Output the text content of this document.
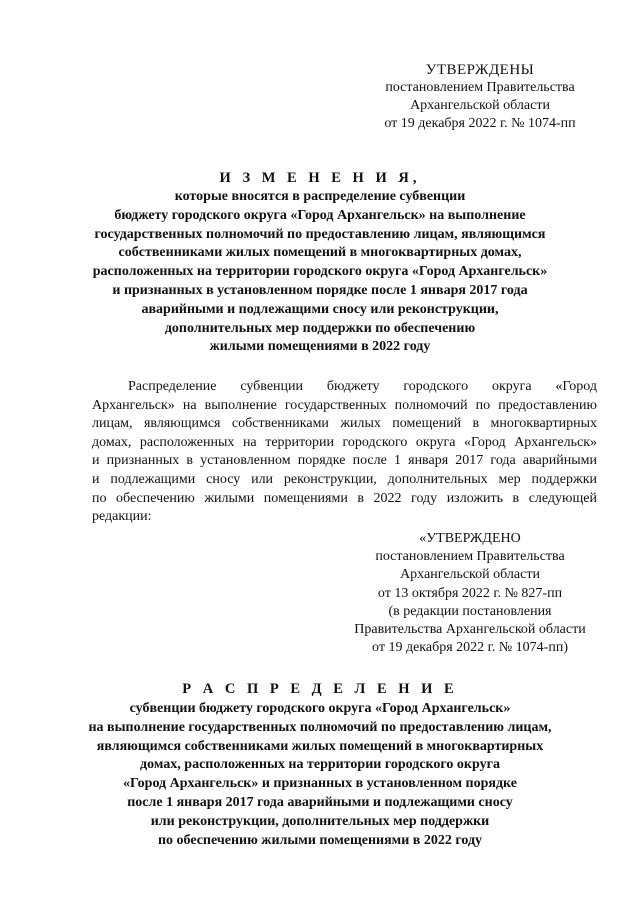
УТВЕРЖДЕНЫ
постановлением Правительства
Архангельской области
от 19 декабря 2022 г. № 1074-пп
И З М Е Н Е Н И Я,
которые вносятся в распределение субвенции
бюджету городского округа «Город Архангельск» на выполнение
государственных полномочий по предоставлению лицам, являющимся
собственниками жилых помещений в многоквартирных домах,
расположенных на территории городского округа «Город Архангельск»
и признанных в установленном порядке после 1 января 2017 года
аварийными и подлежащими сносу или реконструкции,
дополнительных мер поддержки по обеспечению
жилыми помещениями в 2022 году
Распределение субвенции бюджету городского округа «Город
Архангельск» на выполнение государственных полномочий по предоставлению
лицам, являющимся собственниками жилых помещений в многоквартирных
домах, расположенных на территории городского округа «Город Архангельск»
и признанных в установленном порядке после 1 января 2017 года аварийными
и подлежащими сносу или реконструкции, дополнительных мер поддержки
по обеспечению жилыми помещениями в 2022 году изложить в следующей
редакции:
«УТВЕРЖДЕНО
постановлением Правительства
Архангельской области
от 13 октября 2022 г. № 827-пп
(в редакции постановления
Правительства Архангельской области
от 19 декабря 2022 г. № 1074-пп)
Р А С П Р Е Д Е Л Е Н И Е
субвенции бюджету городского округа «Город Архангельск»
на выполнение государственных полномочий по предоставлению лицам,
являющимся собственниками жилых помещений в многоквартирных
домах, расположенных на территории городского округа
«Город Архангельск» и признанных в установленном порядке
после 1 января 2017 года аварийными и подлежащими сносу
или реконструкции, дополнительных мер поддержки
по обеспечению жилыми помещениями в 2022 году
